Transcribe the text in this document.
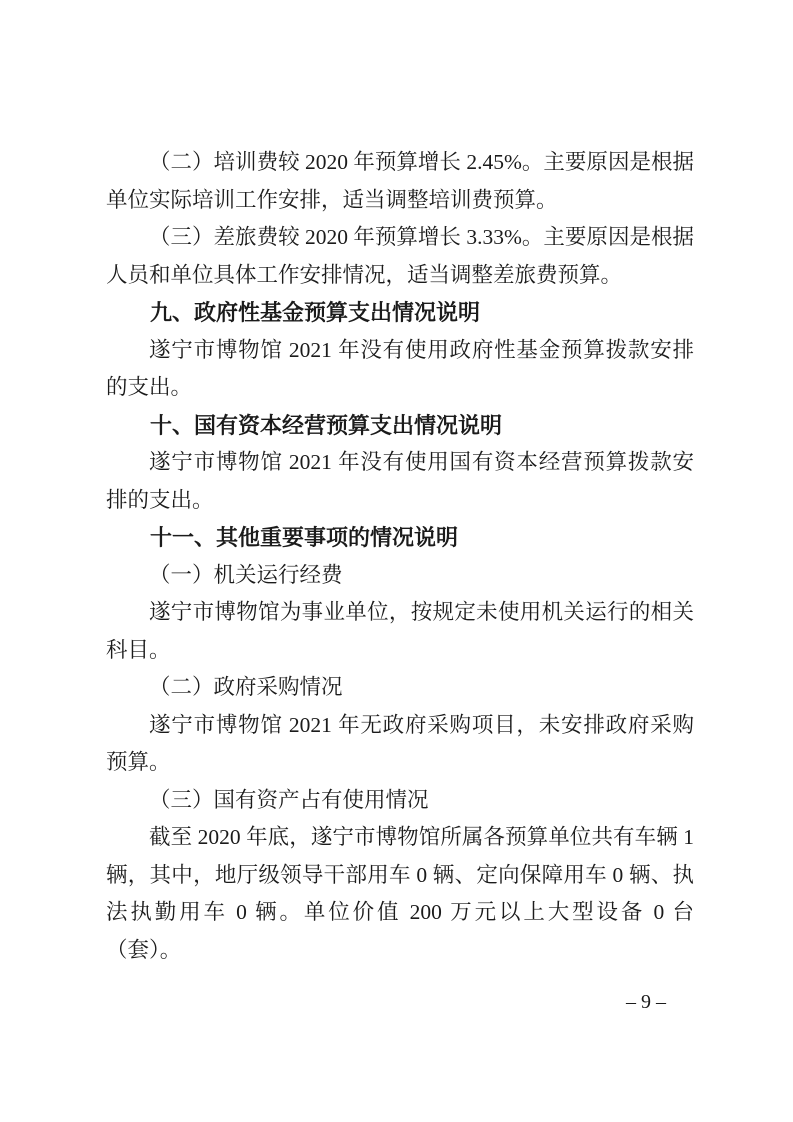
（二）培训费较 2020 年预算增长 2.45%。主要原因是根据单位实际培训工作安排，适当调整培训费预算。

（三）差旅费较 2020 年预算增长 3.33%。主要原因是根据人员和单位具体工作安排情况，适当调整差旅费预算。

九、政府性基金预算支出情况说明

遂宁市博物馆 2021 年没有使用政府性基金预算拨款安排的支出。

十、国有资本经营预算支出情况说明

遂宁市博物馆 2021 年没有使用国有资本经营预算拨款安排的支出。

十一、其他重要事项的情况说明

（一）机关运行经费

遂宁市博物馆为事业单位，按规定未使用机关运行的相关科目。

（二）政府采购情况

遂宁市博物馆 2021 年无政府采购项目，未安排政府采购预算。

（三）国有资产占有使用情况

截至 2020 年底，遂宁市博物馆所属各预算单位共有车辆 1 辆，其中，地厅级领导干部用车 0 辆、定向保障用车 0 辆、执法执勤用车 0 辆。单位价值 200 万元以上大型设备 0 台（套）。

– 9 –
